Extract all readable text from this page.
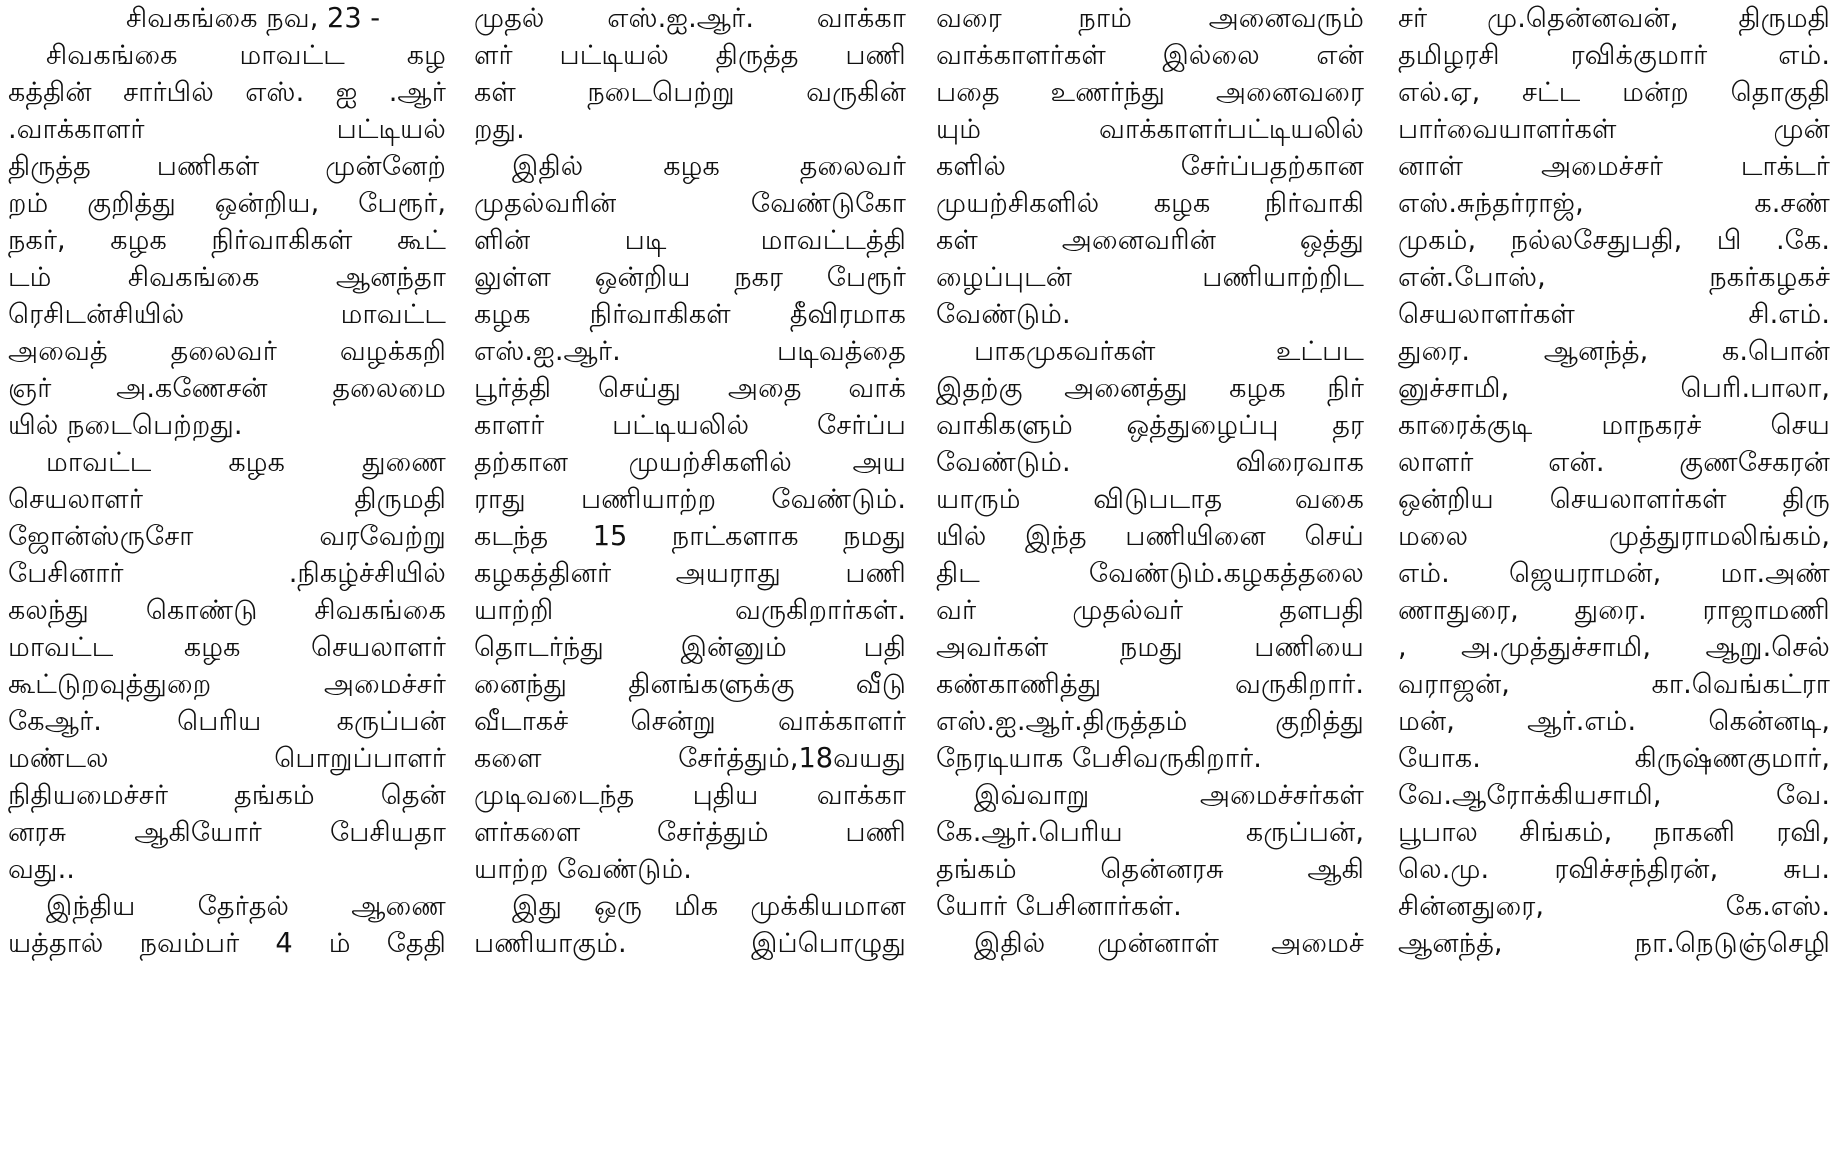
சிவகங்கை நவ, 23 -
சிவகங்கை மாவட்ட கழ
கத்தின் சார்பில் எஸ். ஐ .ஆர்
.வாக்காளர் பட்டியல்
திருத்த பணிகள் முன்னேற்
றம் குறித்து ஒன்றிய, பேரூர்,
நகர், கழக நிர்வாகிகள் கூட்
டம் சிவகங்கை ஆனந்தா
ரெசிடன்சியில் மாவட்ட
அவைத் தலைவர் வழக்கறி
ஞர் அ.கணேசன் தலைமை
யில் நடைபெற்றது.
மாவட்ட கழக துணை
செயலாளர் திருமதி
ஜோன்ஸ்ருசோ வரவேற்று
பேசினார் .நிகழ்ச்சியில்
கலந்து கொண்டு சிவகங்கை
மாவட்ட கழக செயலாளர்
கூட்டுறவுத்துறை அமைச்சர்
கேஆர். பெரிய கருப்பன்
மண்டல பொறுப்பாளர்
நிதியமைச்சர் தங்கம் தென்
னரசு ஆகியோர் பேசியதா
வது..
இந்திய தேர்தல் ஆணை
யத்தால் நவம்பர் 4 ம் தேதி
முதல் எஸ்.ஐ.ஆர். வாக்கா
ளர் பட்டியல் திருத்த பணி
கள் நடைபெற்று வருகின்
றது.
இதில் கழக தலைவர்
முதல்வரின் வேண்டுகோ
ளின் படி மாவட்டத்தி
லுள்ள ஒன்றிய நகர பேரூர்
கழக நிர்வாகிகள் தீவிரமாக
எஸ்.ஐ.ஆர். படிவத்தை
பூர்த்தி செய்து அதை வாக்
காளர் பட்டியலில் சேர்ப்ப
தற்கான முயற்சிகளில் அய
ராது பணியாற்ற வேண்டும்.
கடந்த 15 நாட்களாக நமது
கழகத்தினர் அயராது பணி
யாற்றி வருகிறார்கள்.
தொடர்ந்து இன்னும் பதி
னைந்து தினங்களுக்கு வீடு
வீடாகச் சென்று வாக்காளர்
களை சேர்த்தும்,18வயது
முடிவடைந்த புதிய வாக்கா
ளர்களை சேர்த்தும் பணி
யாற்ற வேண்டும்.
இது ஒரு மிக முக்கியமான
பணியாகும். இப்பொழுது
வரை நாம் அனைவரும்
வாக்காளர்கள் இல்லை என்
பதை உணர்ந்து அனைவரை
யும் வாக்காளர்பட்டியலில்
களில் சேர்ப்பதற்கான
முயற்சிகளில் கழக நிர்வாகி
கள் அனைவரின் ஒத்து
ழைப்புடன் பணியாற்றிட
வேண்டும்.
பாகமுகவர்கள் உட்பட
இதற்கு அனைத்து கழக நிர்
வாகிகளும் ஒத்துழைப்பு தர
வேண்டும். விரைவாக
யாரும் விடுபடாத வகை
யில் இந்த பணியினை செய்
திட வேண்டும்.கழகத்தலை
வர் முதல்வர் தளபதி
அவர்கள் நமது பணியை
கண்காணித்து வருகிறார்.
எஸ்.ஐ.ஆர்.திருத்தம் குறித்து
நேரடியாக பேசிவருகிறார்.
இவ்வாறு அமைச்சர்கள்
கே.ஆர்.பெரிய கருப்பன்,
தங்கம் தென்னரசு ஆகி
யோர் பேசினார்கள்.
இதில் முன்னாள் அமைச்
சர் மு.தென்னவன், திருமதி
தமிழரசி ரவிக்குமார் எம்.
எல்.ஏ, சட்ட மன்ற தொகுதி
பார்வையாளர்கள் முன்
னாள் அமைச்சர் டாக்டர்
எஸ்.சுந்தர்ராஜ், க.சண்
முகம், நல்லசேதுபதி, பி .கே.
என்.போஸ், நகர்கழகச்
செயலாளர்கள் சி.எம்.
துரை. ஆனந்த், க.பொன்
னுச்சாமி, பெரி.பாலா,
காரைக்குடி மாநகரச் செய
லாளர் என். குணசேகரன்
ஒன்றிய செயலாளர்கள் திரு
மலை முத்துராமலிங்கம்,
எம். ஜெயராமன், மா.அண்
ணாதுரை, துரை. ராஜாமணி
, அ.முத்துச்சாமி, ஆறு.செல்
வராஜன், கா.வெங்கட்ரா
மன், ஆர்.எம். கென்னடி,
யோக. கிருஷ்ணகுமார்,
வே.ஆரோக்கியசாமி, வே.
பூபால சிங்கம், நாகனி ரவி,
லெ.மு. ரவிச்சந்திரன், சுப.
சின்னதுரை, கே.எஸ்.
ஆனந்த், நா.நெடுஞ்செழி
